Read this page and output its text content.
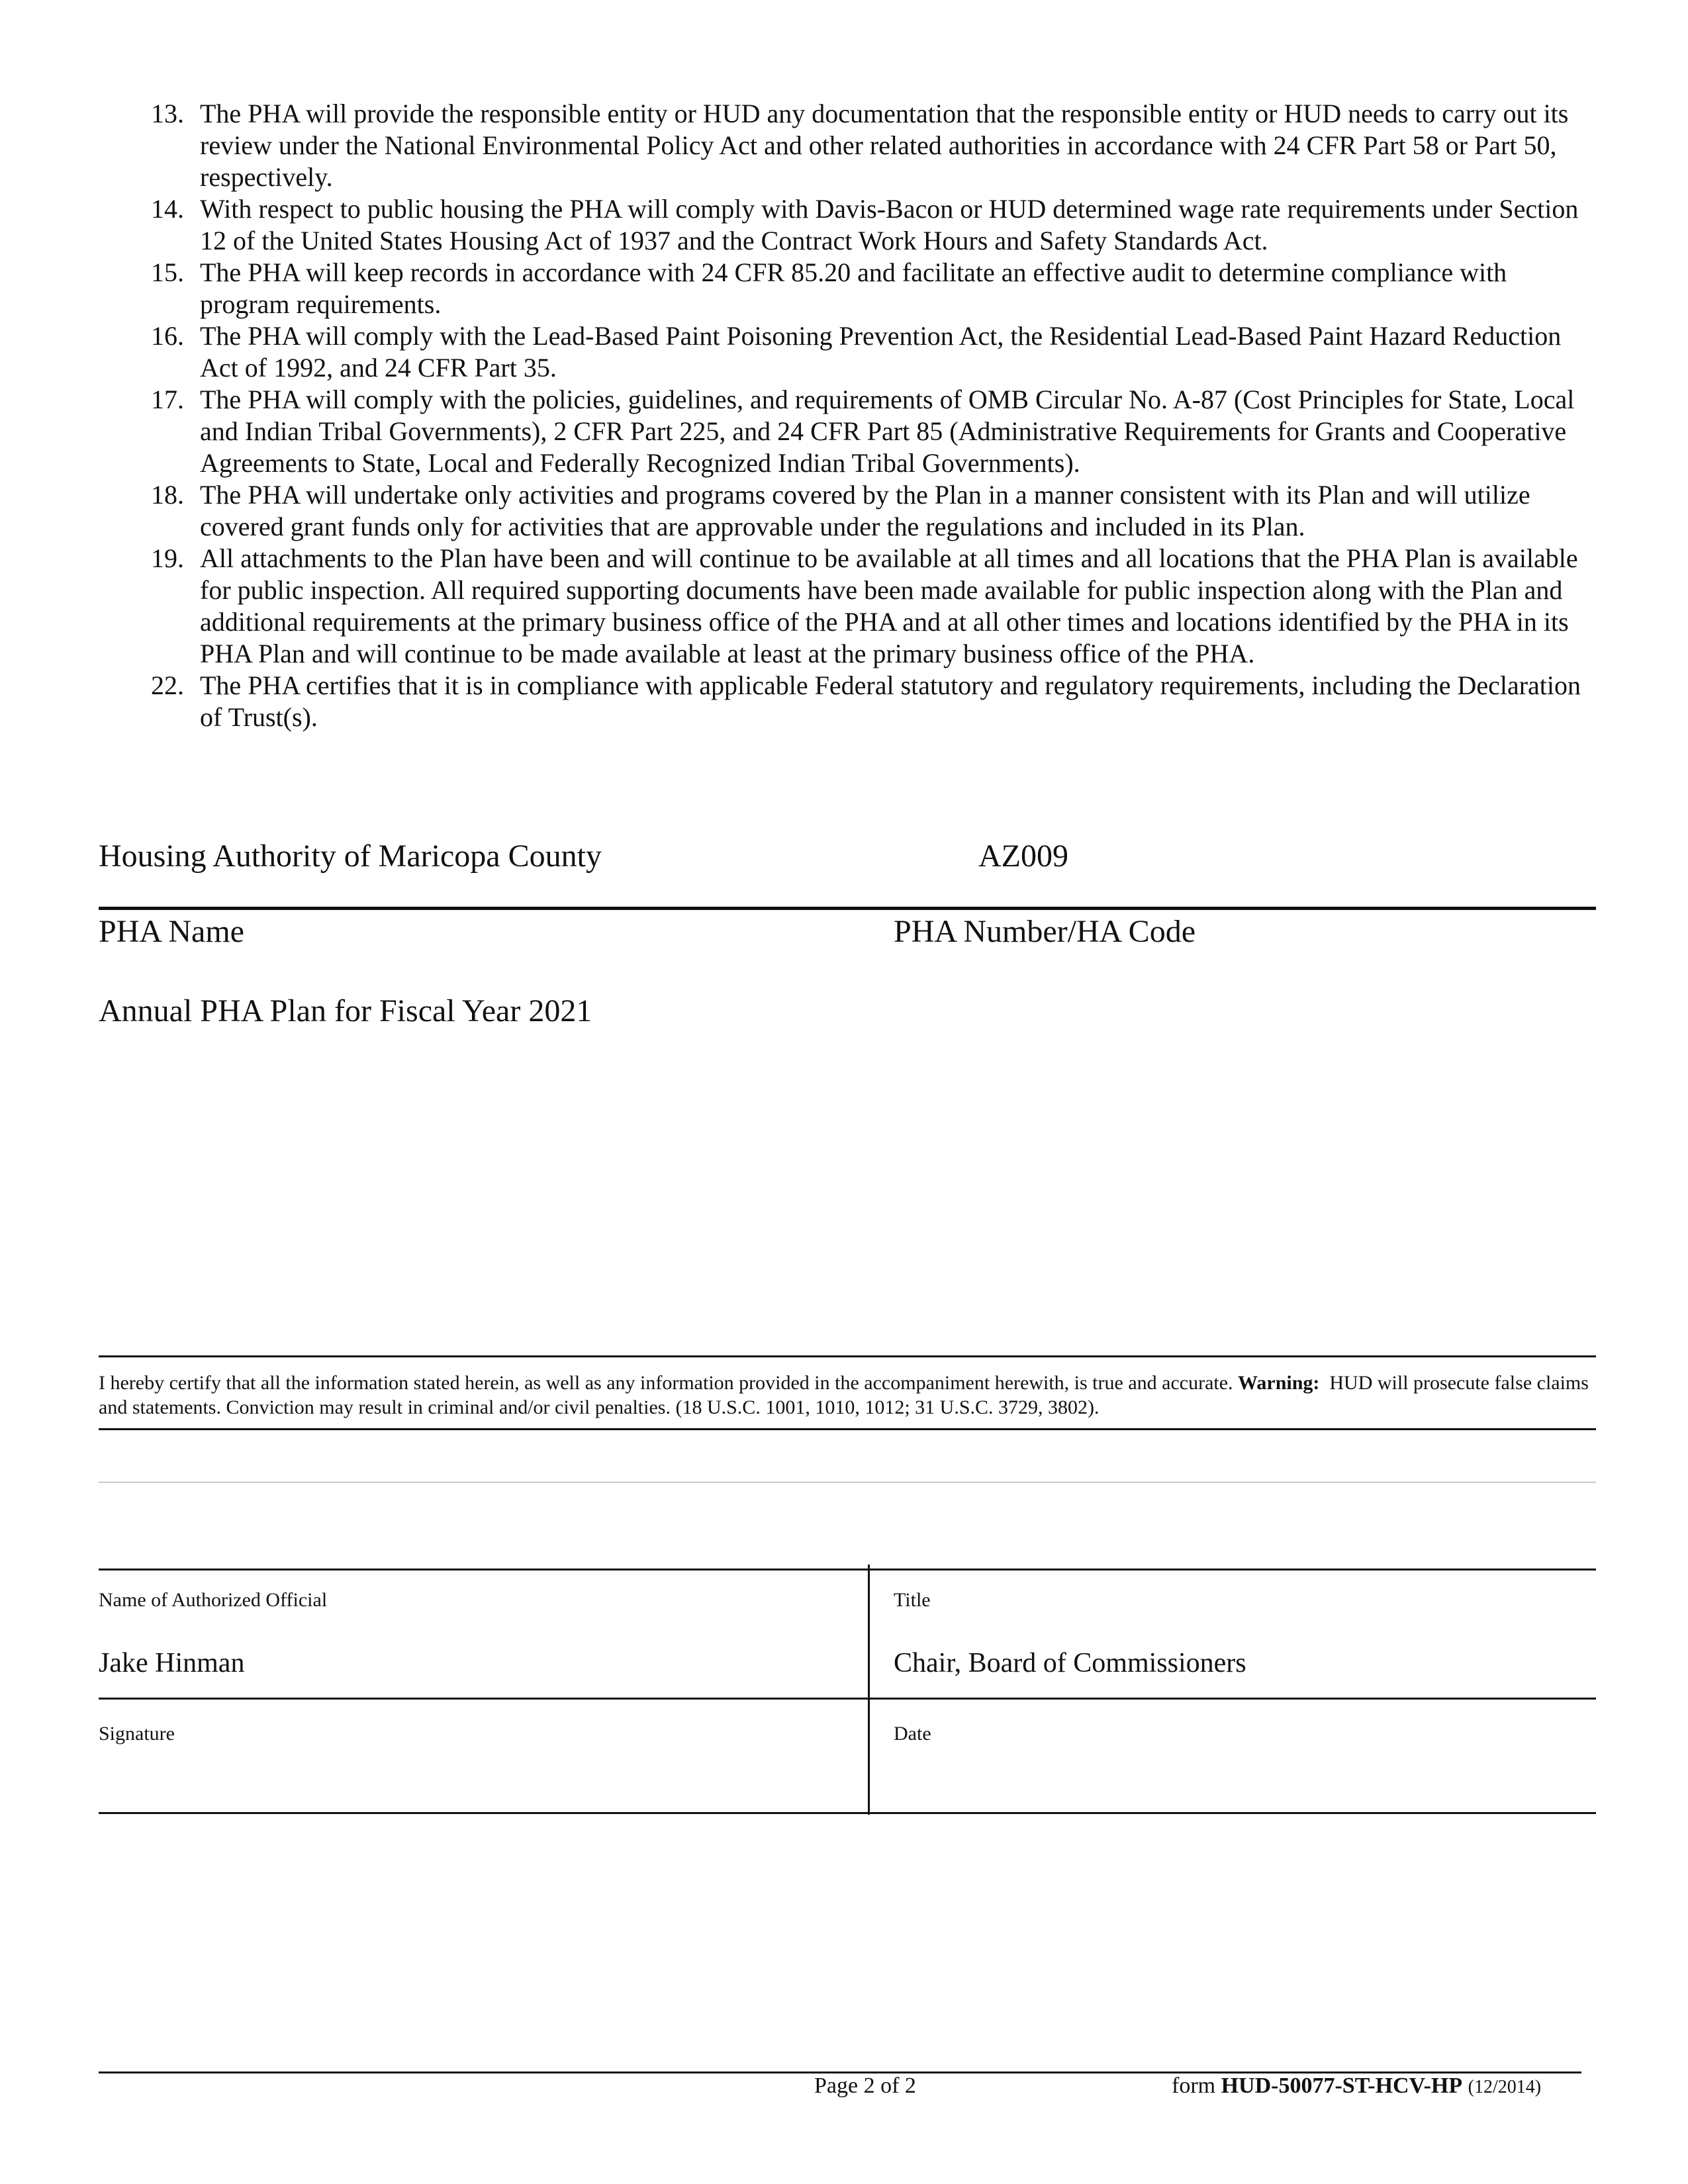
13. The PHA will provide the responsible entity or HUD any documentation that the responsible entity or HUD needs to carry out its review under the National Environmental Policy Act and other related authorities in accordance with 24 CFR Part 58 or Part 50, respectively.
14. With respect to public housing the PHA will comply with Davis-Bacon or HUD determined wage rate requirements under Section 12 of the United States Housing Act of 1937 and the Contract Work Hours and Safety Standards Act.
15. The PHA will keep records in accordance with 24 CFR 85.20 and facilitate an effective audit to determine compliance with program requirements.
16. The PHA will comply with the Lead-Based Paint Poisoning Prevention Act, the Residential Lead-Based Paint Hazard Reduction Act of 1992, and 24 CFR Part 35.
17. The PHA will comply with the policies, guidelines, and requirements of OMB Circular No. A-87 (Cost Principles for State, Local and Indian Tribal Governments), 2 CFR Part 225, and 24 CFR Part 85 (Administrative Requirements for Grants and Cooperative Agreements to State, Local and Federally Recognized Indian Tribal Governments).
18. The PHA will undertake only activities and programs covered by the Plan in a manner consistent with its Plan and will utilize covered grant funds only for activities that are approvable under the regulations and included in its Plan.
19. All attachments to the Plan have been and will continue to be available at all times and all locations that the PHA Plan is available for public inspection. All required supporting documents have been made available for public inspection along with the Plan and additional requirements at the primary business office of the PHA and at all other times and locations identified by the PHA in its PHA Plan and will continue to be made available at least at the primary business office of the PHA.
22. The PHA certifies that it is in compliance with applicable Federal statutory and regulatory requirements, including the Declaration of Trust(s).
Housing Authority of Maricopa County	AZ009
PHA Name	PHA Number/HA Code
Annual PHA Plan for Fiscal Year 2021
I hereby certify that all the information stated herein, as well as any information provided in the accompaniment herewith, is true and accurate. Warning: HUD will prosecute false claims and statements. Conviction may result in criminal and/or civil penalties. (18 U.S.C. 1001, 1010, 1012; 31 U.S.C. 3729, 3802).
Name of Authorized Official	Title
Jake Hinman	Chair, Board of Commissioners
Signature	Date
Page 2 of 2	form HUD-50077-ST-HCV-HP (12/2014)
